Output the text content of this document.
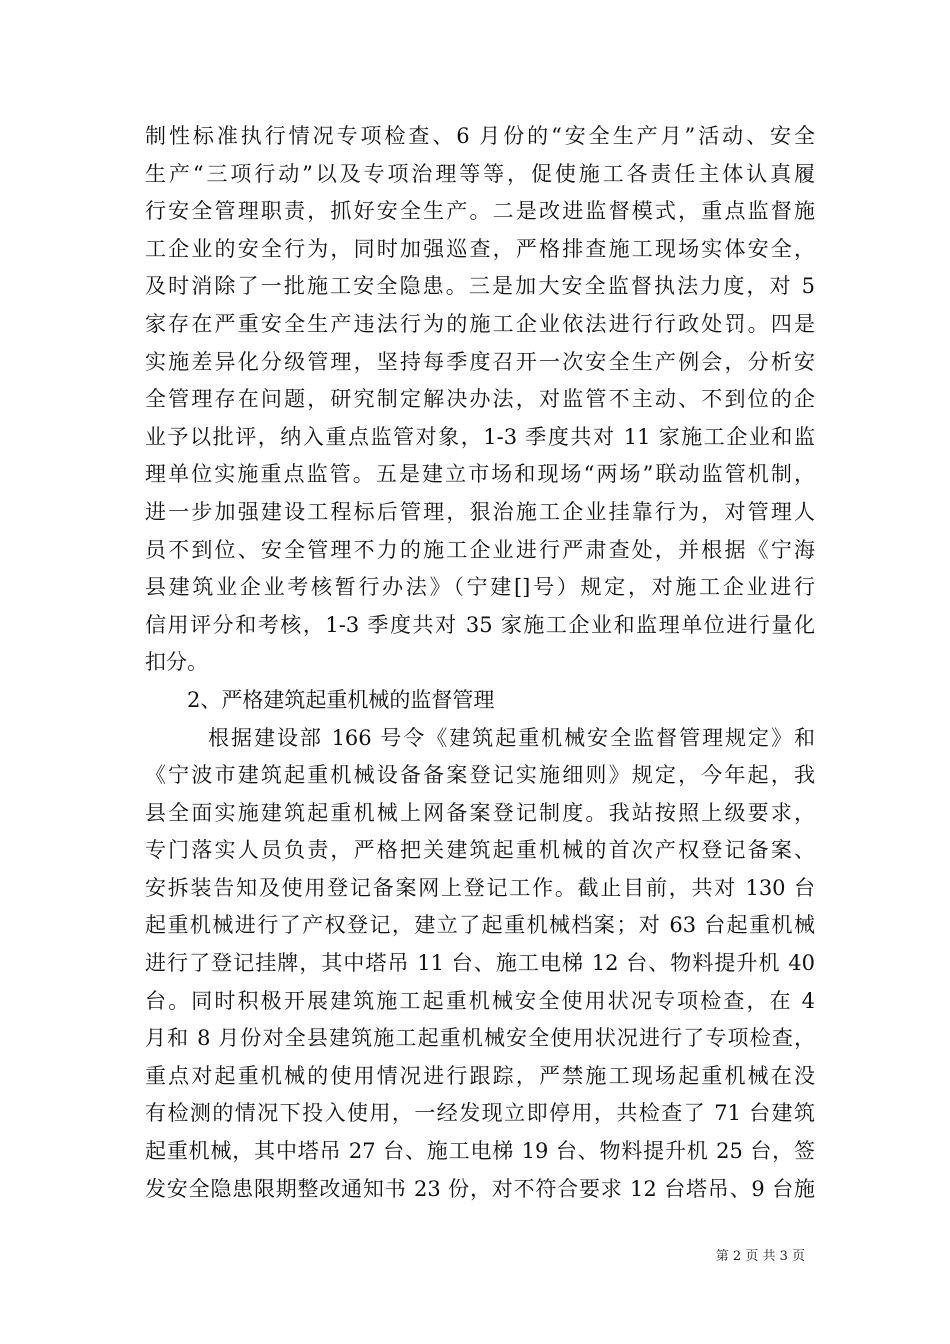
制性标准执行情况专项检查、6 月份的“安全生产月”活动、安全
生产“三项行动”以及专项治理等等，促使施工各责任主体认真履
行安全管理职责，抓好安全生产。二是改进监督模式，重点监督施
工企业的安全行为，同时加强巡查，严格排查施工现场实体安全，
及时消除了一批施工安全隐患。三是加大安全监督执法力度，对 5
家存在严重安全生产违法行为的施工企业依法进行行政处罚。四是
实施差异化分级管理，坚持每季度召开一次安全生产例会，分析安
全管理存在问题，研究制定解决办法，对监管不主动、不到位的企
业予以批评，纳入重点监管对象，1-3 季度共对 11 家施工企业和监
理单位实施重点监管。五是建立市场和现场“两场”联动监管机制，
进一步加强建设工程标后管理，狠治施工企业挂靠行为，对管理人
员不到位、安全管理不力的施工企业进行严肃查处，并根据《宁海
县建筑业企业考核暂行办法》（宁建[]号）规定，对施工企业进行
信用评分和考核，1-3 季度共对 35 家施工企业和监理单位进行量化
扣分。
2、严格建筑起重机械的监督管理
根据建设部 166 号令《建筑起重机械安全监督管理规定》和
《宁波市建筑起重机械设备备案登记实施细则》规定，今年起，我
县全面实施建筑起重机械上网备案登记制度。我站按照上级要求，
专门落实人员负责，严格把关建筑起重机械的首次产权登记备案、
安拆装告知及使用登记备案网上登记工作。截止目前，共对 130 台
起重机械进行了产权登记，建立了起重机械档案；对 63 台起重机械
进行了登记挂牌，其中塔吊 11 台、施工电梯 12 台、物料提升机 40
台。同时积极开展建筑施工起重机械安全使用状况专项检查，在 4
月和 8 月份对全县建筑施工起重机械安全使用状况进行了专项检查，
重点对起重机械的使用情况进行跟踪，严禁施工现场起重机械在没
有检测的情况下投入使用，一经发现立即停用，共检查了 71 台建筑
起重机械，其中塔吊 27 台、施工电梯 19 台、物料提升机 25 台，签
发安全隐患限期整改通知书 23 份，对不符合要求 12 台塔吊、9 台施
第 2 页 共 3 页
